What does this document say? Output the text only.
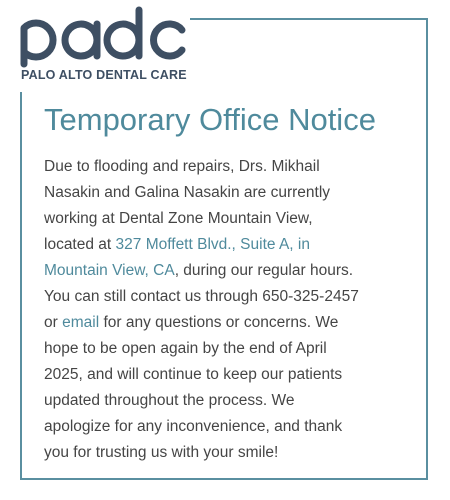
PALO ALTO DENTAL CARE
Temporary Office Notice

Due to flooding and repairs, Drs. Mikhail
Nasakin and Galina Nasakin are currently
working at Dental Zone Mountain View,
located at 327 Moffett Blvd., Suite A, in
Mountain View, CA, during our regular hours.
You can still contact us through 650-325-2457
or email for any questions or concerns. We
hope to be open again by the end of April
2025, and will continue to keep our patients
updated throughout the process. We
apologize for any inconvenience, and thank
you for trusting us with your smile!
